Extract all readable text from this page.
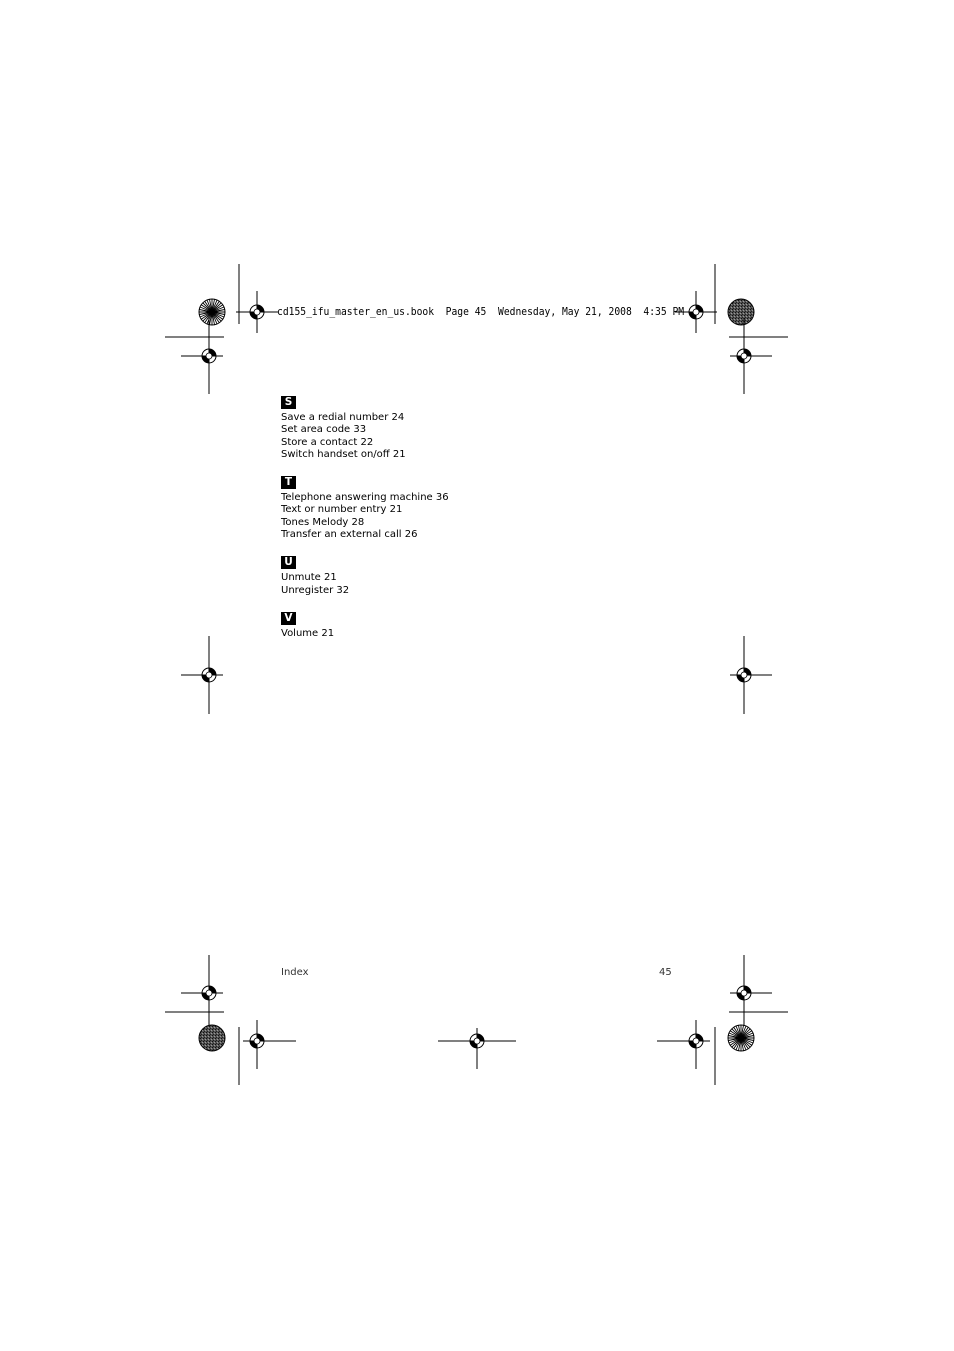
cd155_ifu_master_en_us.book  Page 45  Wednesday, May 21, 2008  4:35 PM
S
Save a redial number 24
Set area code 33
Store a contact 22
Switch handset on/off 21
T
Telephone answering machine 36
Text or number entry 21
Tones Melody 28
Transfer an external call 26
U
Unmute 21
Unregister 32
V
Volume 21
Index	45
